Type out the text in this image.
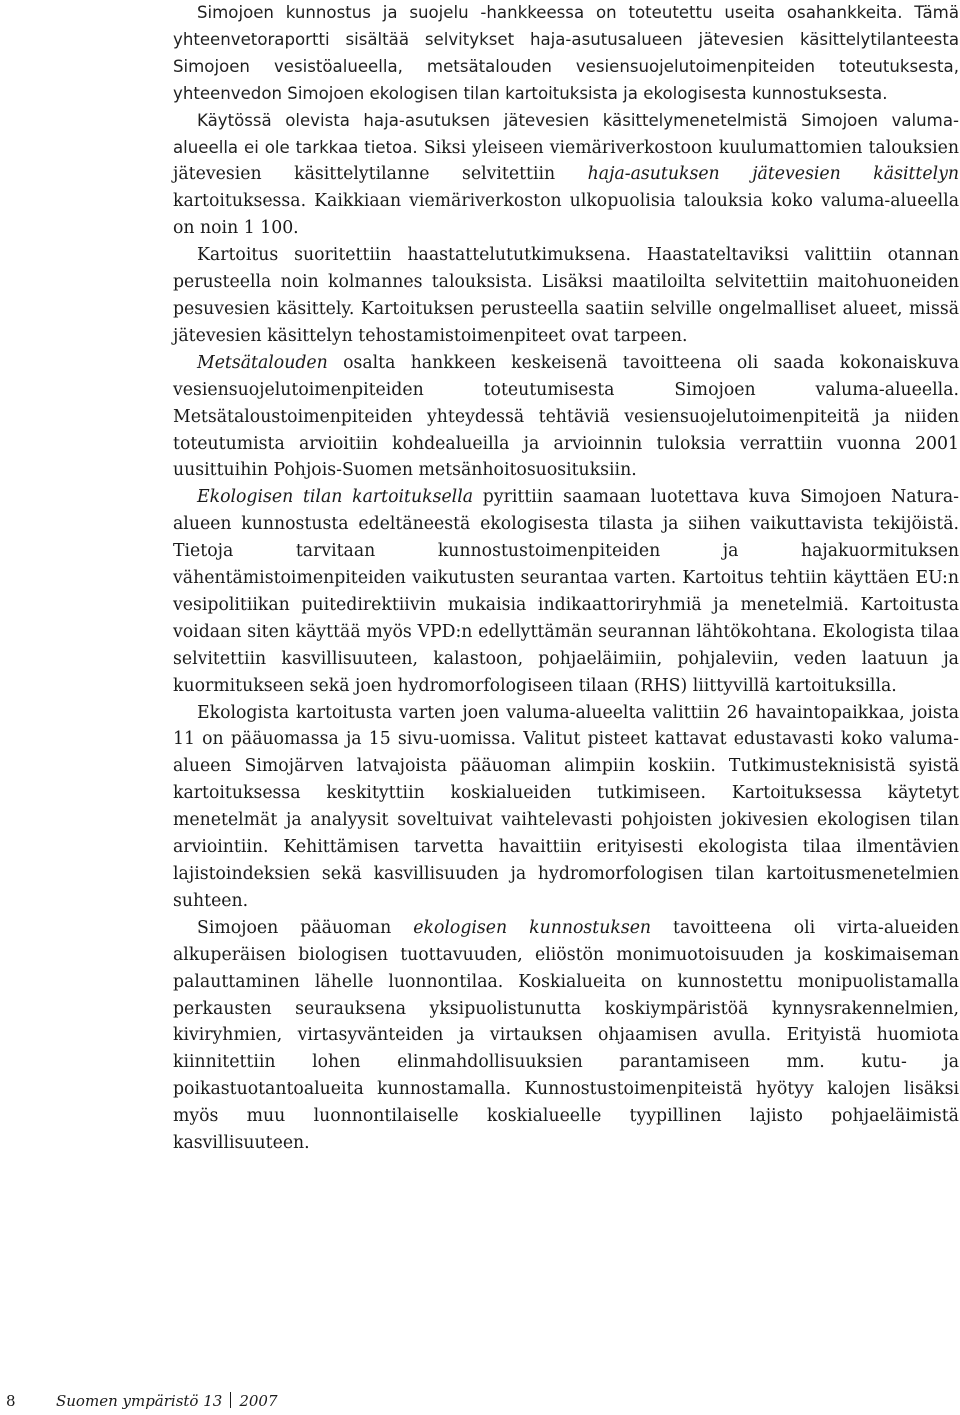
Simojoen kunnostus ja suojelu -hankkeessa on toteutettu useita osahankkeita. Tämä yhteenvetoraportti sisältää selvitykset haja-asutusalueen jätevesien käsittelytilanteesta Simojoen vesistöalueella, metsätalouden vesiensuojelutoimenpiteiden toteutuksesta, yhteenvedon Simojoen ekologisen tilan kartoituksista ja ekologisesta kunnostuksesta.

Käytössä olevista haja-asutuksen jätevesien käsittelymenetelmistä Simojoen valuma-alueella ei ole tarkkaa tietoa. Siksi yleiseen viemäriverkostoon kuulumattomien talouksien jätevesien käsittelytilanne selvitettiin haja-asutuksen jätevesien käsittelyn kartoituksessa. Kaikkiaan viemäriverkoston ulkopuolisia talouksia koko valuma-alueella on noin 1 100.

Kartoitus suoritettiin haastattelututkimuksena. Haastateltaviksi valittiin otannan perusteella noin kolmannes talouksista. Lisäksi maatiloilta selvitettiin maitohuoneiden pesuvesien käsittely. Kartoituksen perusteella saatiin selville ongelmalliset alueet, missä jätevesien käsittelyn tehostamistoimenpiteet ovat tarpeen.

Metsätalouden osalta hankkeen keskeisenä tavoitteena oli saada kokonaiskuva vesiensuojelutoimenpiteiden toteutumisesta Simojoen valuma-alueella. Metsätaloustoimenpiteiden yhteydessä tehtäviä vesiensuojelutoimenpiteitä ja niiden toteutumista arvioitiin kohdealueilla ja arvioinnin tuloksia verrattiin vuonna 2001 uusittuihin Pohjois-Suomen metsänhoitosuosituksiin.

Ekologisen tilan kartoituksella pyrittiin saamaan luotettava kuva Simojoen Natura-alueen kunnostusta edeltäneestä ekologisesta tilasta ja siihen vaikuttavista tekijöistä. Tietoja tarvitaan kunnostustoimenpiteiden ja hajakuormituksen vähentämistoimenpiteiden vaikutusten seurantaa varten. Kartoitus tehtiin käyttäen EU:n vesipolitiikan puitedirektiivin mukaisia indikaattoriryhmiä ja menetelmiä. Kartoitusta voidaan siten käyttää myös VPD:n edellyttämän seurannan lähtökohtana. Ekologista tilaa selvitettiin kasvillisuuteen, kalastoon, pohjaeläimiin, pohjaleviin, veden laatuun ja kuormitukseen sekä joen hydromorfologiseen tilaan (RHS) liittyvillä kartoituksilla.

Ekologista kartoitusta varten joen valuma-alueelta valittiin 26 havaintopaikkaa, joista 11 on pääuomassa ja 15 sivu-uomissa. Valitut pisteet kattavat edustavasti koko valuma-alueen Simojärven latvajoista pääuoman alimpiin koskiin. Tutkimusteknisistä syistä kartoituksessa keskityttiin koskialueiden tutkimiseen. Kartoituksessa käytetyt menetelmät ja analyysit soveltuivat vaihtelevasti pohjoisten jokivesien ekologisen tilan arviointiin. Kehittämisen tarvetta havaittiin erityisesti ekologista tilaa ilmentävien lajistoindeksien sekä kasvillisuuden ja hydromorfologisen tilan kartoitusmenetelmien suhteen.

Simojoen pääuoman ekologisen kunnostuksen tavoitteena oli virta-alueiden alkuperäisen biologisen tuottavuuden, eliöstön monimuotoisuuden ja koskimaiseman palauttaminen lähelle luonnontilaa. Koskialueita on kunnostettu monipuolistamalla perkausten seurauksena yksipuolistunutta koskiympäristöä kynnysrakennelmien, kiviryhmien, virtasyvänteiden ja virtauksen ohjaamisen avulla. Erityistä huomiota kiinnitettiin lohen elinmahdollisuuksien parantamiseen mm. kutu- ja poikastuotantoalueita kunnostamalla. Kunnostustoimenpiteistä hyötyy kalojen lisäksi myös muu luonnontilaiselle koskialueelle tyypillinen lajisto pohjaeläimistä kasvillisuuteen.

8	Suomen ympäristö 13 2007
